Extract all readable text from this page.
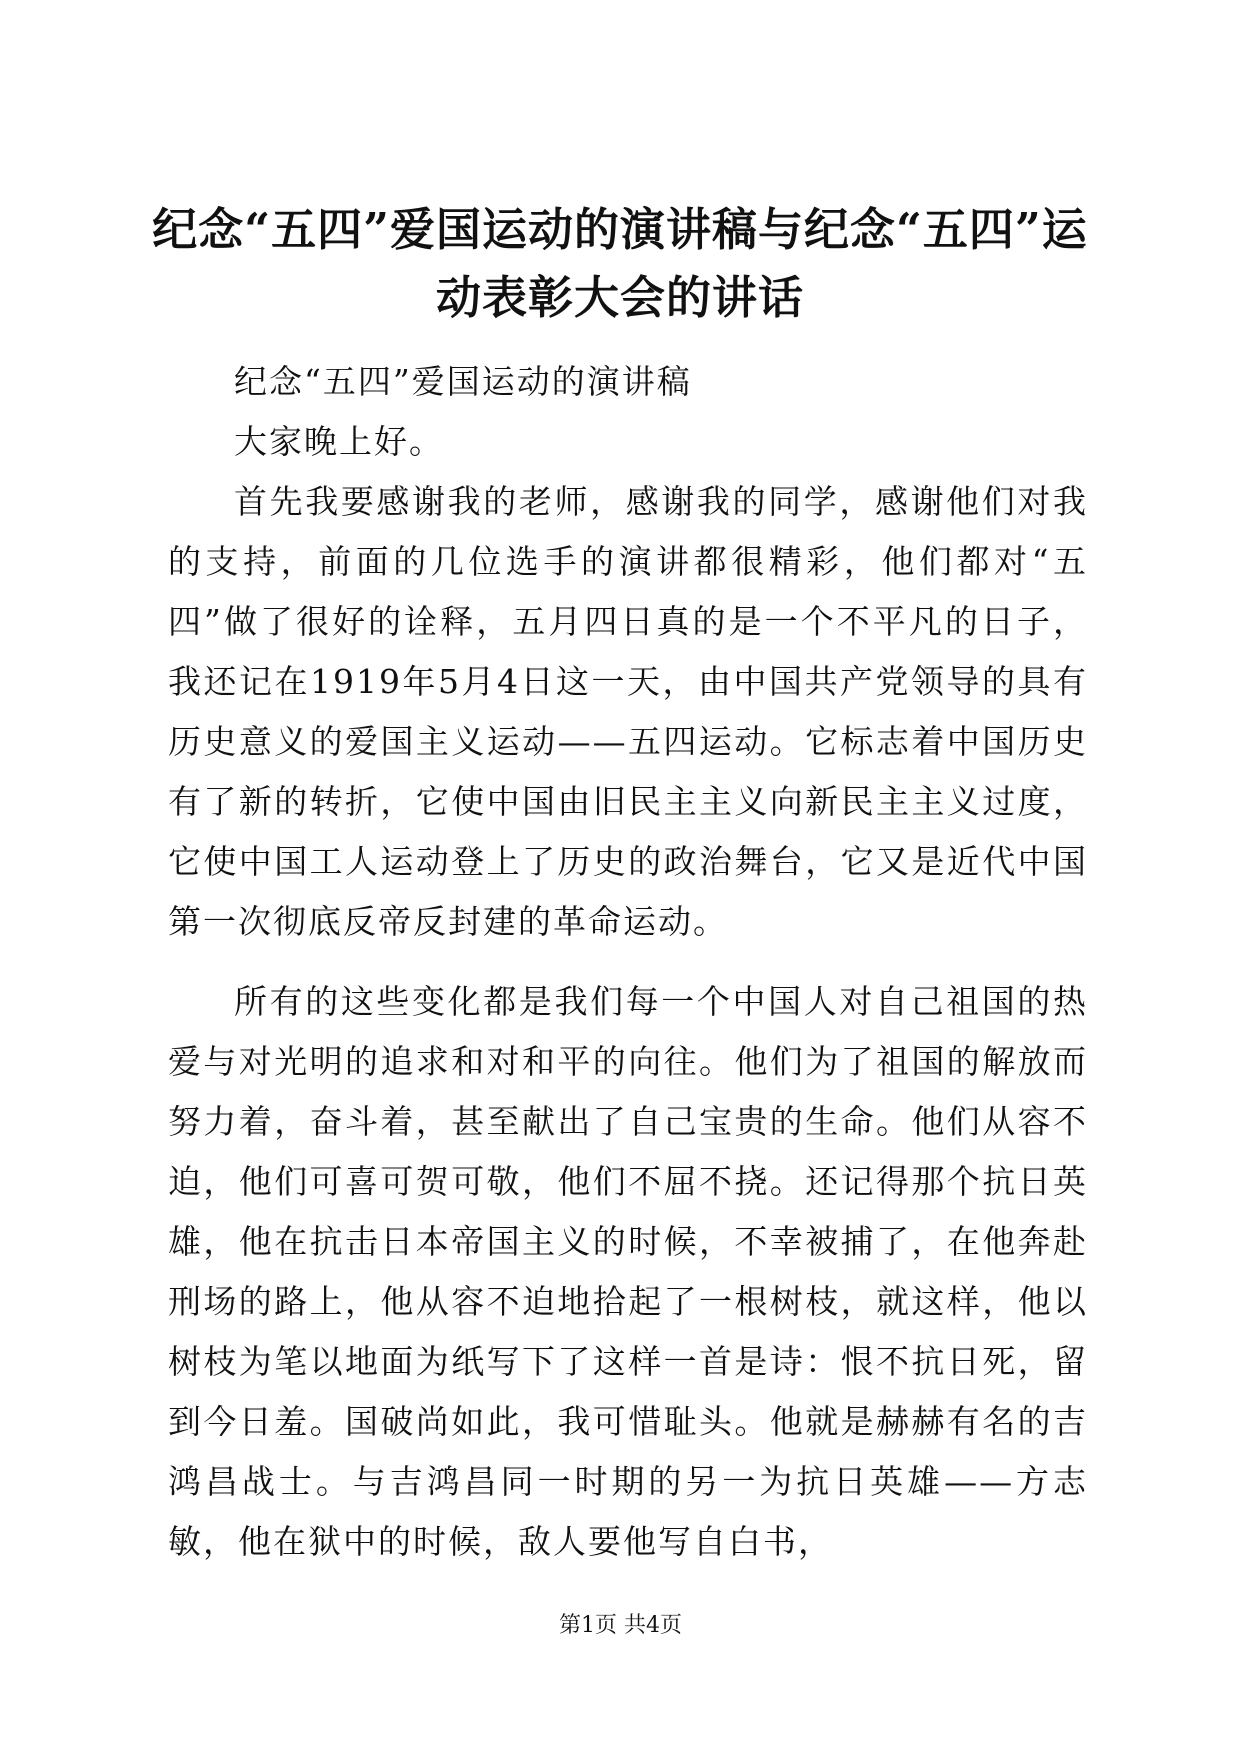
纪念“五四”爱国运动的演讲稿与纪念“五四”运动表彰大会的讲话

纪念“五四”爱国运动的演讲稿

大家晚上好。

首先我要感谢我的老师，感谢我的同学，感谢他们对我的支持，前面的几位选手的演讲都很精彩，他们都对“五四”做了很好的诠释，五月四日真的是一个不平凡的日子，我还记在1919年5月4日这一天，由中国共产党领导的具有历史意义的爱国主义运动——五四运动。它标志着中国历史有了新的转折，它使中国由旧民主主义向新民主主义过度，它使中国工人运动登上了历史的政治舞台，它又是近代中国第一次彻底反帝反封建的革命运动。

所有的这些变化都是我们每一个中国人对自己祖国的热爱与对光明的追求和对和平的向往。他们为了祖国的解放而努力着，奋斗着，甚至献出了自己宝贵的生命。他们从容不迫，他们可喜可贺可敬，他们不屈不挠。还记得那个抗日英雄，他在抗击日本帝国主义的时候，不幸被捕了，在他奔赴刑场的路上，他从容不迫地拾起了一根树枝，就这样，他以树枝为笔以地面为纸写下了这样一首是诗：恨不抗日死，留到今日羞。国破尚如此，我可惜耻头。他就是赫赫有名的吉鸿昌战士。与吉鸿昌同一时期的另一为抗日英雄——方志敏，他在狱中的时候，敌人要他写自白书，

第1页 共4页
